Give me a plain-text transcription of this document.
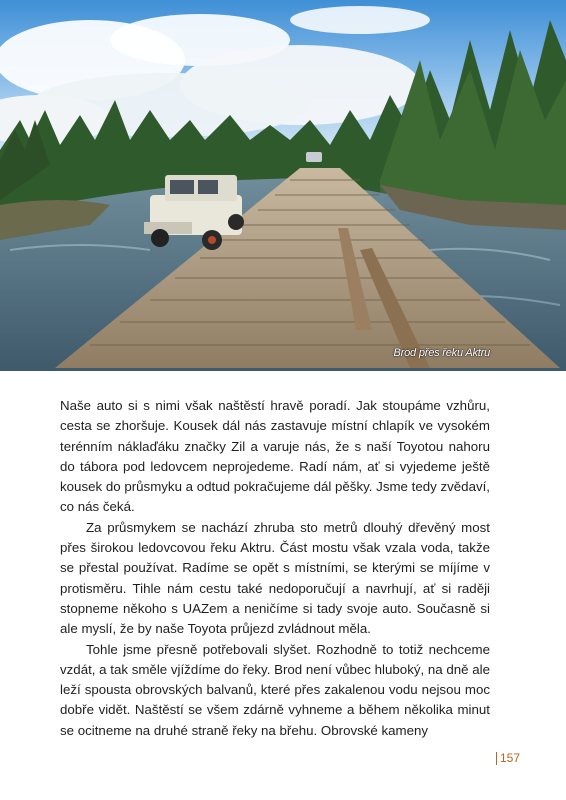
Brod přes řeku Aktru

Naše auto si s nimi však naštěstí hravě poradí. Jak stoupáme vzhůru, cesta se zhoršuje. Kousek dál nás zastavuje místní chlapík ve vysokém terénním náklaďáku značky Zil a varuje nás, že s naší Toyotou nahoru do tábora pod ledovcem neprojedeme. Radí nám, ať si vyjedeme ještě kousek do průsmyku a odtud pokračujeme dál pěšky. Jsme tedy zvědaví, co nás čeká.

Za průsmykem se nachází zhruba sto metrů dlouhý dřevěný most přes širokou ledovcovou řeku Aktru. Část mostu však vzala voda, takže se přestal používat. Radíme se opět s místními, se kterými se míjíme v protisměru. Tihle nám cestu také nedoporučují a navrhují, ať si raději stopneme někoho s UAZem a neničíme si tady svoje auto. Současně si ale myslí, že by naše Toyota průjezd zvládnout měla.

Tohle jsme přesně potřebovali slyšet. Rozhodně to totiž nechceme vzdát, a tak směle vjíždíme do řeky. Brod není vůbec hluboký, na dně ale leží spousta obrovských balvanů, které přes zakalenou vodu nejsou moc dobře vidět. Naštěstí se všem zdárně vyhneme a během několika minut se ocitneme na druhé straně řeky na břehu. Obrovské kameny

157
